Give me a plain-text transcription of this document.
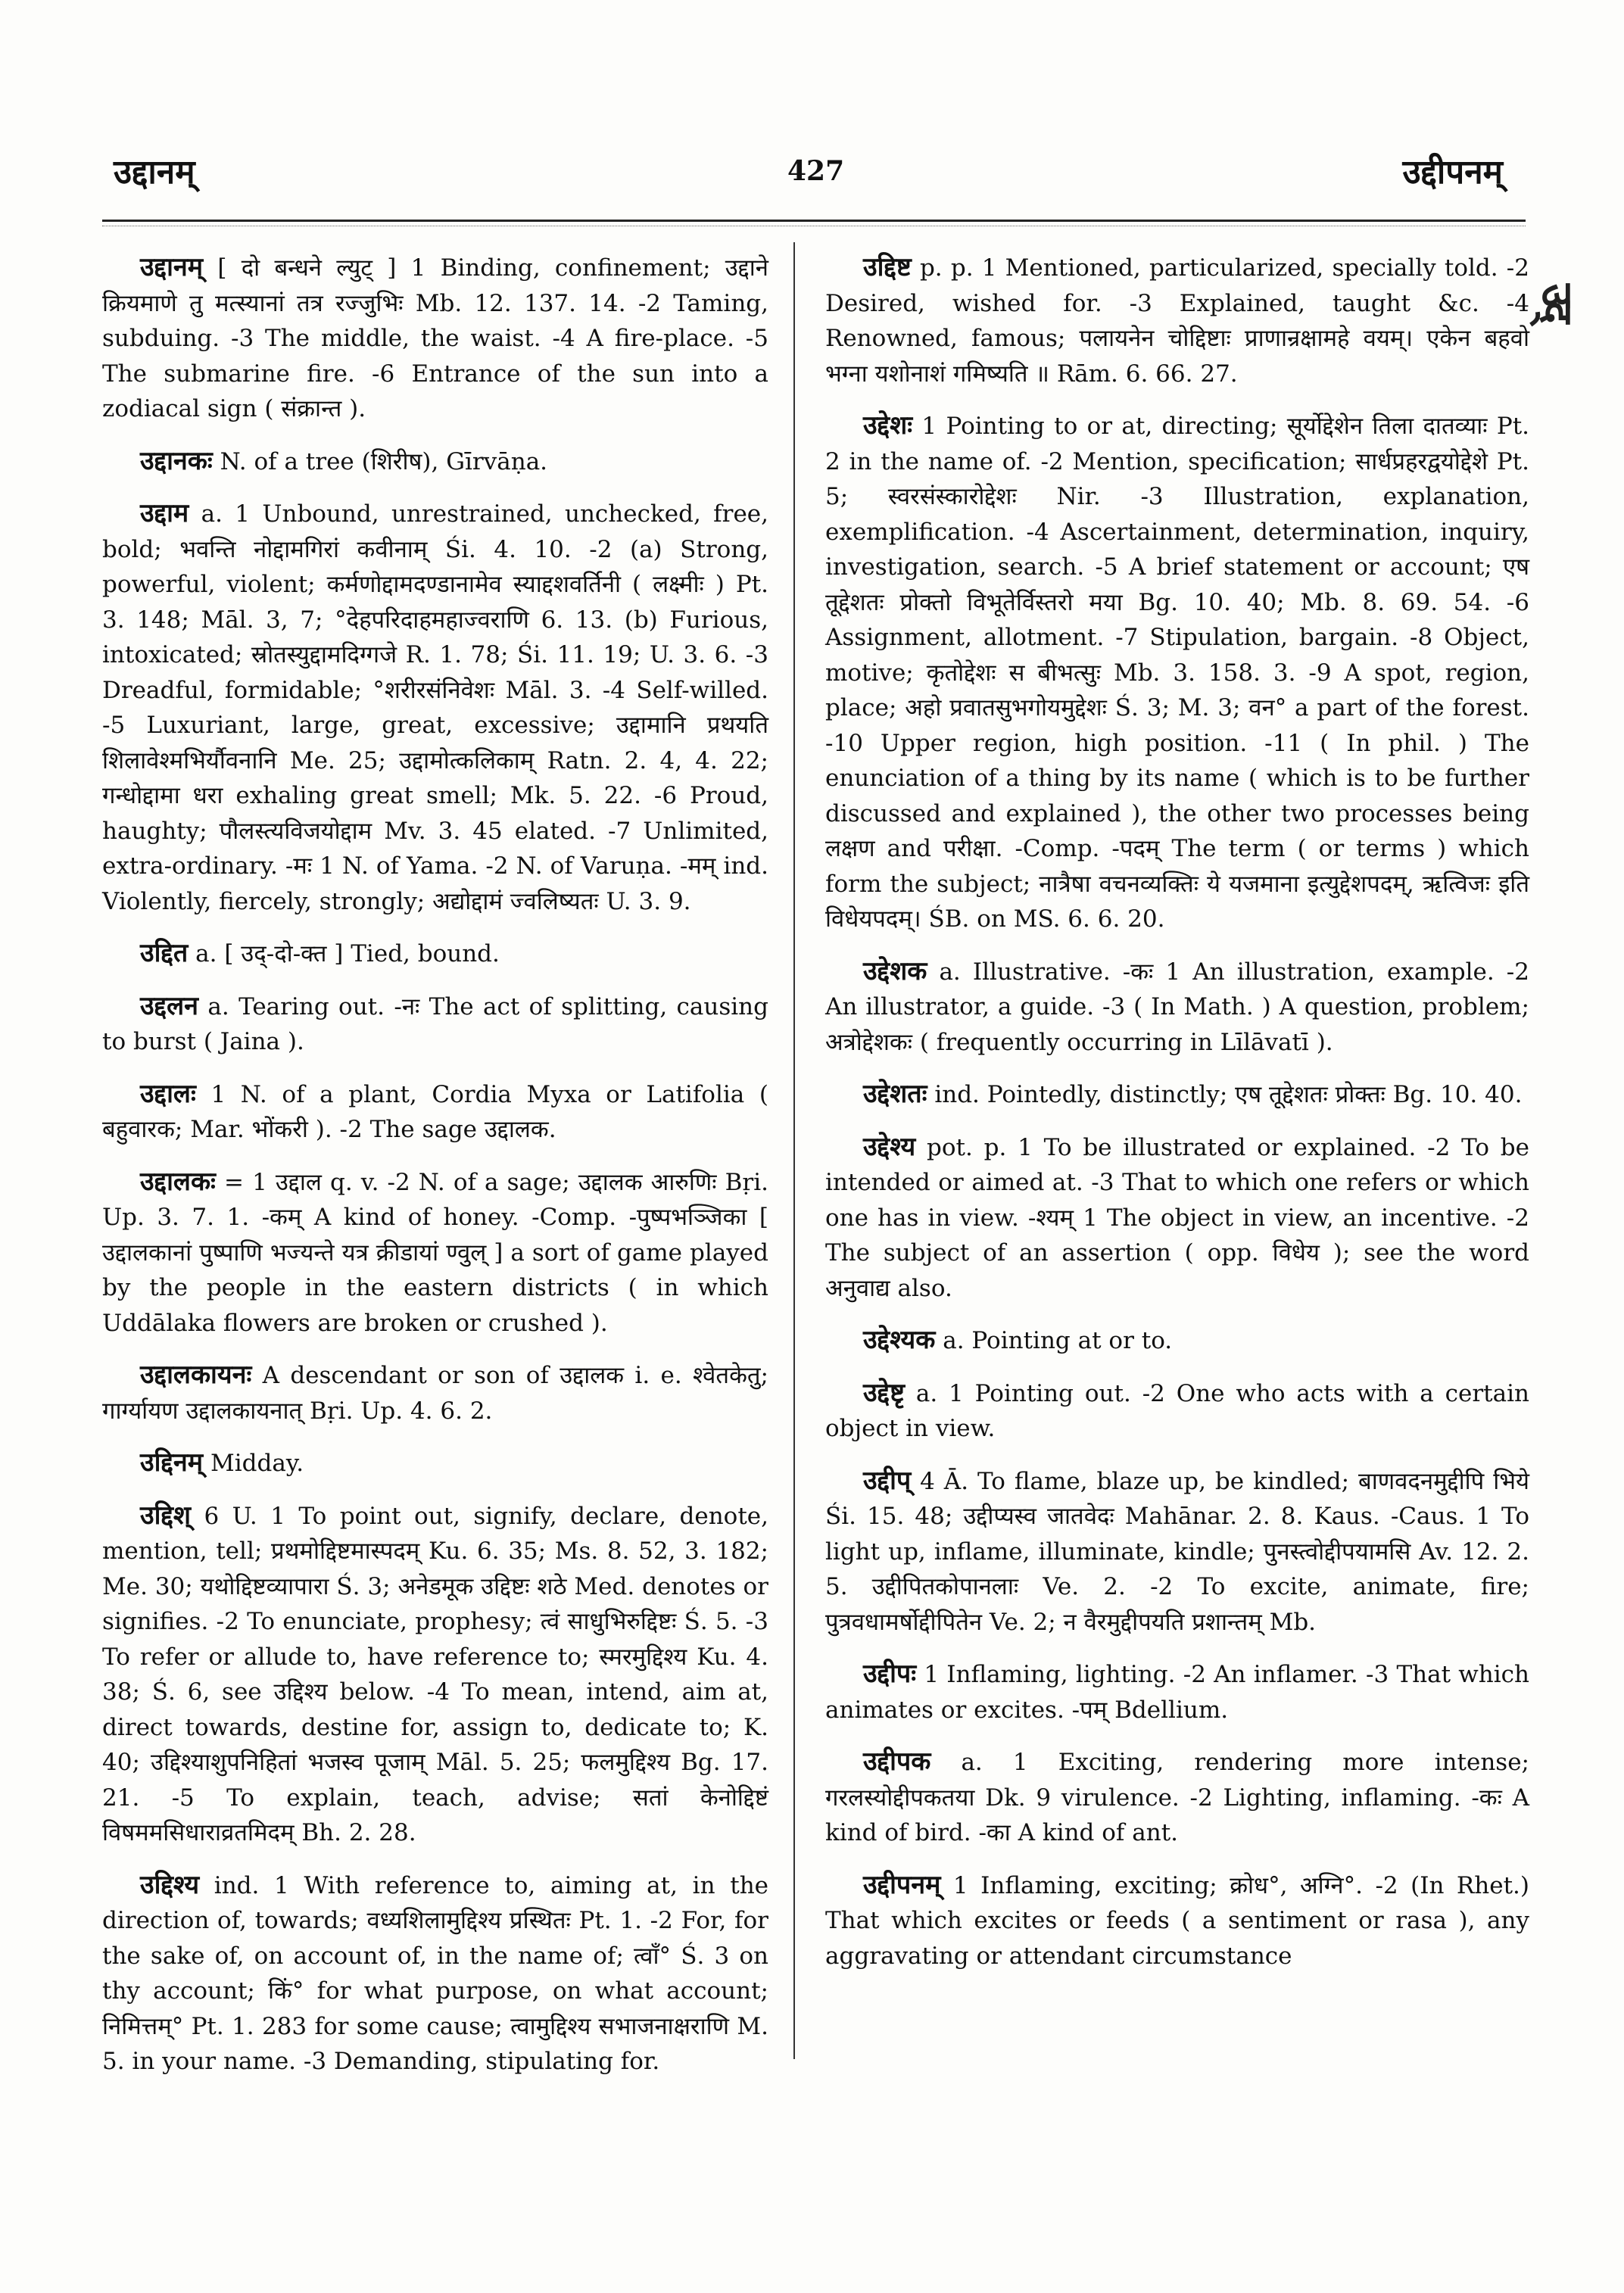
उद्दानम्	427	उद्दीपनम्
उद्

उद्दानम् [ दो बन्धने ल्युट् ] 1 Binding, confinement; उद्दाने क्रियमाणे तु मत्स्यानां तत्र रज्जुभिः Mb. 12. 137. 14. -2 Taming, subduing. -3 The middle, the waist. -4 A fire-place. -5 The submarine fire. -6 Entrance of the sun into a zodiacal sign ( संक्रान्त ).

उद्दानकः N. of a tree (शिरीष), Gīrvāṇa.

उद्दाम a. 1 Unbound, unrestrained, unchecked, free, bold; भवन्ति नोद्दामगिरां कवीनाम् Śi. 4. 10. -2 (a) Strong, powerful, violent; कर्मणोद्दामदण्डानामेव स्याद्दशवर्तिनी ( लक्ष्मीः ) Pt. 3. 148; Māl. 3, 7; °देहपरिदाहमहाज्वराणि 6. 13. (b) Furious, intoxicated; स्रोतस्युद्दामदिग्गजे R. 1. 78; Śi. 11. 19; U. 3. 6. -3 Dreadful, formidable; °शरीरसंनिवेशः Māl. 3. -4 Self-willed. -5 Luxuriant, large, great, excessive; उद्दामानि प्रथयति शिलावेश्मभिर्यौवनानि Me. 25; उद्दामोत्कलिकाम् Ratn. 2. 4, 4. 22; गन्धोद्दामा धरा exhaling great smell; Mk. 5. 22. -6 Proud, haughty; पौलस्त्यविजयोद्दाम Mv. 3. 45 elated. -7 Unlimited, extra-ordinary. -मः 1 N. of Yama. -2 N. of Varuṇa. -मम् ind. Violently, fiercely, strongly; अद्योद्दामं ज्वलिष्यतः U. 3. 9.

उद्दित a. [ उद्-दो-क्त ] Tied, bound.

उद्दलन a. Tearing out. -नः The act of splitting, causing to burst ( Jaina ).

उद्दालः 1 N. of a plant, Cordia Myxa or Latifolia ( बहुवारक; Mar. भोंकरी ). -2 The sage उद्दालक.

उद्दालकः = 1 उद्दाल q. v. -2 N. of a sage; उद्दालक आरुणिः Bṛi. Up. 3. 7. 1. -कम् A kind of honey. -Comp. -पुष्पभञ्जिका [ उद्दालकानां पुष्पाणि भज्यन्ते यत्र क्रीडायां ण्वुल् ] a sort of game played by the people in the eastern districts ( in which Uddālaka flowers are broken or crushed ).

उद्दालकायनः A descendant or son of उद्दालक i. e. श्वेतकेतु; गार्ग्यायण उद्दालकायनात् Bṛi. Up. 4. 6. 2.

उद्दिनम् Midday.

उद्दिश् 6 U. 1 To point out, signify, declare, denote, mention, tell; प्रथमोद्दिष्टमास्पदम् Ku. 6. 35; Ms. 8. 52, 3. 182; Me. 30; यथोद्दिष्टव्यापारा Ś. 3; अनेडमूक उद्दिष्टः शठे Med. denotes or signifies. -2 To enunciate, prophesy; त्वं साधुभिरुद्दिष्टः Ś. 5. -3 To refer or allude to, have reference to; स्मरमुद्दिश्य Ku. 4. 38; Ś. 6, see उद्दिश्य below. -4 To mean, intend, aim at, direct towards, destine for, assign to, dedicate to; K. 40; उद्दिश्याशुपनिहितां भजस्व पूजाम् Māl. 5. 25; फलमुद्दिश्य Bg. 17. 21. -5 To explain, teach, advise; सतां केनोद्दिष्टं विषममसिधाराव्रतमिदम् Bh. 2. 28.

उद्दिश्य ind. 1 With reference to, aiming at, in the direction of, towards; वध्यशिलामुद्दिश्य प्रस्थितः Pt. 1. -2 For, for the sake of, on account of, in the name of; त्वाँ° Ś. 3 on thy account; किं° for what purpose, on what account; निमित्तम्° Pt. 1. 283 for some cause; त्वामुद्दिश्य सभाजनाक्षराणि M. 5. in your name. -3 Demanding, stipulating for.

उद्दिष्ट p. p. 1 Mentioned, particularized, specially told. -2 Desired, wished for. -3 Explained, taught &c. -4 Renowned, famous; पलायनेन चोद्दिष्टाः प्राणान्रक्षामहे वयम्। एकेन बहवो भग्ना यशोनाशं गमिष्यति ॥ Rām. 6. 66. 27.

उद्देशः 1 Pointing to or at, directing; सूर्योद्देशेन तिला दातव्याः Pt. 2 in the name of. -2 Mention, specification; सार्धप्रहरद्वयोद्देशे Pt. 5; स्वरसंस्कारोद्देशः Nir. -3 Illustration, explanation, exemplification. -4 Ascertainment, determination, inquiry, investigation, search. -5 A brief statement or account; एष तूद्देशतः प्रोक्तो विभूतेर्विस्तरो मया Bg. 10. 40; Mb. 8. 69. 54. -6 Assignment, allotment. -7 Stipulation, bargain. -8 Object, motive; कृतोद्देशः स बीभत्सुः Mb. 3. 158. 3. -9 A spot, region, place; अहो प्रवातसुभगोयमुद्देशः Ś. 3; M. 3; वन° a part of the forest. -10 Upper region, high position. -11 ( In phil. ) The enunciation of a thing by its name ( which is to be further discussed and explained ), the other two processes being लक्षण and परीक्षा. -Comp. -पदम् The term ( or terms ) which form the subject; नात्रैषा वचनव्यक्तिः ये यजमाना इत्युद्देशपदम्, ऋत्विजः इति विधेयपदम्। ŚB. on MS. 6. 6. 20.

उद्देशक a. Illustrative. -कः 1 An illustration, example. -2 An illustrator, a guide. -3 ( In Math. ) A question, problem; अत्रोद्देशकः ( frequently occurring in Līlāvatī ).

उद्देशतः ind. Pointedly, distinctly; एष तूद्देशतः प्रोक्तः Bg. 10. 40.

उद्देश्य pot. p. 1 To be illustrated or explained. -2 To be intended or aimed at. -3 That to which one refers or which one has in view. -श्यम् 1 The object in view, an incentive. -2 The subject of an assertion ( opp. विधेय ); see the word अनुवाद्य also.

उद्देश्यक a. Pointing at or to.

उद्देष्टृ a. 1 Pointing out. -2 One who acts with a certain object in view.

उद्दीप् 4 Ā. To flame, blaze up, be kindled; बाणवदनमुद्दीपि भिये Śi. 15. 48; उद्दीप्यस्व जातवेदः Mahānar. 2. 8. Kaus. -Caus. 1 To light up, inflame, illuminate, kindle; पुनस्त्वोद्दीपयामसि Av. 12. 2. 5. उद्दीपितकोपानलाः Ve. 2. -2 To excite, animate, fire; पुत्रवधामर्षोद्दीपितेन Ve. 2; न वैरमुद्दीपयति प्रशान्तम् Mb.

उद्दीपः 1 Inflaming, lighting. -2 An inflamer. -3 That which animates or excites. -पम् Bdellium.

उद्दीपक a. 1 Exciting, rendering more intense; गरलस्योद्दीपकतया Dk. 9 virulence. -2 Lighting, inflaming. -कः A kind of bird. -का A kind of ant.

उद्दीपनम् 1 Inflaming, exciting; क्रोध°, अग्नि°. -2 (In Rhet.) That which excites or feeds ( a sentiment or rasa ), any aggravating or attendant circumstance
